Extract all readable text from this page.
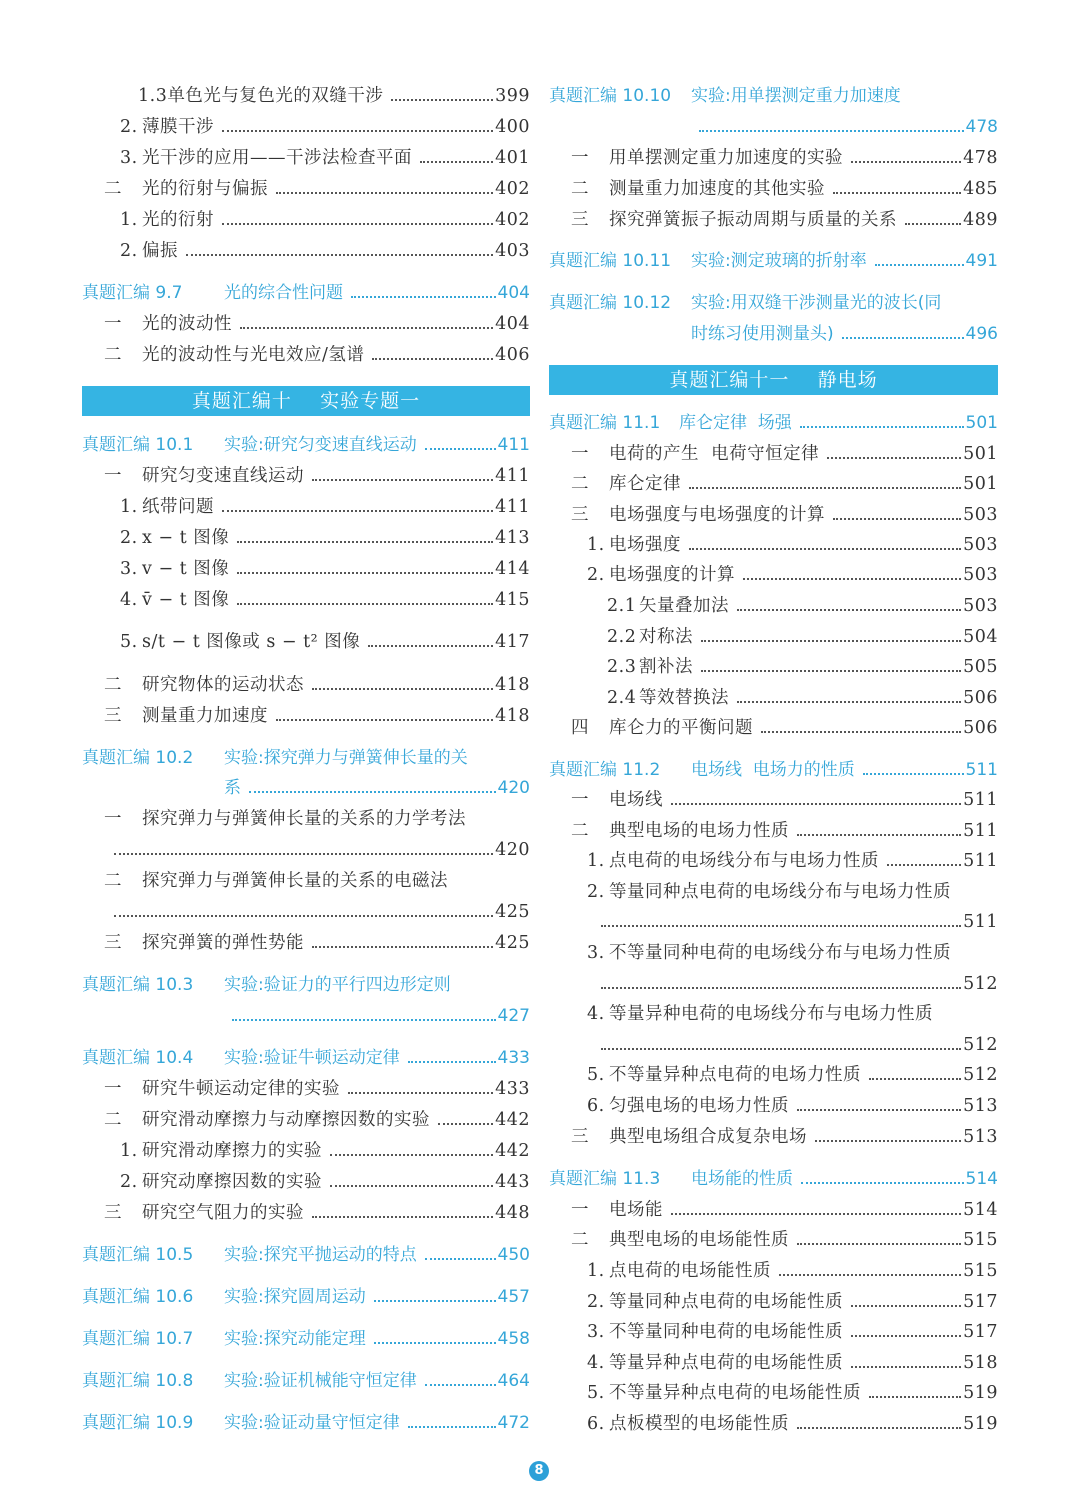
1.3 单色光与复色光的双缝干涉	399
2. 薄膜干涉	400
3. 光干涉的应用——干涉法检查平面	401
二	光的衍射与偏振	402
1. 光的衍射	402
2. 偏振	403
真题汇编 9.7	光的综合性问题	404
一	光的波动性	404
二	光的波动性与光电效应/氢谱	406
真题汇编十    实验专题一
真题汇编 10.1	实验:研究匀变速直线运动	411
一	研究匀变速直线运动	411
1. 纸带问题	411
2. x − t 图像	413
3. v − t 图像	414
4. v̄ − t 图像	415
5. s/t − t 图像或 s − t² 图像	417
二	研究物体的运动状态	418
三	测量重力加速度	418
真题汇编 10.2	实验:探究弹力与弹簧伸长量的关
系	420
一	探究弹力与弹簧伸长量的关系的力学考法
420
二	探究弹力与弹簧伸长量的关系的电磁法
425
三	探究弹簧的弹性势能	425
真题汇编 10.3	实验:验证力的平行四边形定则
427
真题汇编 10.4	实验:验证牛顿运动定律	433
一	研究牛顿运动定律的实验	433
二	研究滑动摩擦力与动摩擦因数的实验	442
1. 研究滑动摩擦力的实验	442
2. 研究动摩擦因数的实验	443
三	研究空气阻力的实验	448
真题汇编 10.5	实验:探究平抛运动的特点	450
真题汇编 10.6	实验:探究圆周运动	457
真题汇编 10.7	实验:探究动能定理	458
真题汇编 10.8	实验:验证机械能守恒定律	464
真题汇编 10.9	实验:验证动量守恒定律	472
真题汇编 10.10	实验:用单摆测定重力加速度
478
一	用单摆测定重力加速度的实验	478
二	测量重力加速度的其他实验	485
三	探究弹簧振子振动周期与质量的关系	489
真题汇编 10.11	实验:测定玻璃的折射率	491
真题汇编 10.12	实验:用双缝干涉测量光的波长(同
时练习使用测量头)	496
真题汇编十一    静电场
真题汇编 11.1	库仑定律  场强	501
一	电荷的产生  电荷守恒定律	501
二	库仑定律	501
三	电场强度与电场强度的计算	503
1. 电场强度	503
2. 电场强度的计算	503
2.1 矢量叠加法	503
2.2 对称法	504
2.3 割补法	505
2.4 等效替换法	506
四	库仑力的平衡问题	506
真题汇编 11.2	电场线  电场力的性质	511
一	电场线	511
二	典型电场的电场力性质	511
1. 点电荷的电场线分布与电场力性质	511
2. 等量同种点电荷的电场线分布与电场力性质
511
3. 不等量同种电荷的电场线分布与电场力性质
512
4. 等量异种电荷的电场线分布与电场力性质
512
5. 不等量异种点电荷的电场力性质	512
6. 匀强电场的电场力性质	513
三	典型电场组合成复杂电场	513
真题汇编 11.3	电场能的性质	514
一	电场能	514
二	典型电场的电场能性质	515
1. 点电荷的电场能性质	515
2. 等量同种点电荷的电场能性质	517
3. 不等量同种电荷的电场能性质	517
4. 等量异种点电荷的电场能性质	518
5. 不等量异种点电荷的电场能性质	519
6. 点板模型的电场能性质	519
8
